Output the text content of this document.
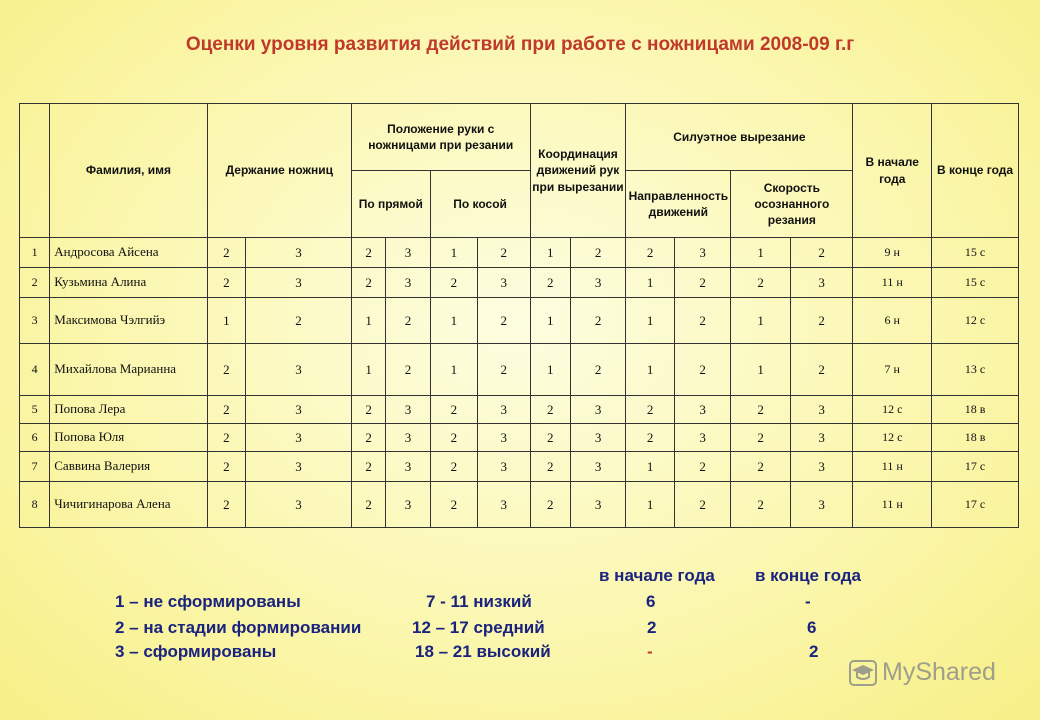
Оценки уровня развития действий при работе с ножницами 2008-09 г.г
	Фамилия, имя	Держание ножниц		Положение руки с ножницами при резании				Координация движений рук при вырезании		Силуэтное вырезание				В начале года	В конце года
				По прямой		По косой				Направленность движений		Скорость осознанного резания			
1	Андросова Айсена	2	3	2	3	1	2	1	2	2	3	1	2	9 н	15 с
2	Кузьмина Алина	2	3	2	3	2	3	2	3	1	2	2	3	11 н	15 с
3	Максимова Чэлгийэ	1	2	1	2	1	2	1	2	1	2	1	2	6 н	12 с
4	Михайлова Марианна	2	3	1	2	1	2	1	2	1	2	1	2	7 н	13 с
5	Попова Лера	2	3	2	3	2	3	2	3	2	3	2	3	12 с	18 в
6	Попова Юля	2	3	2	3	2	3	2	3	2	3	2	3	12 с	18 в
7	Саввина Валерия	2	3	2	3	2	3	2	3	1	2	2	3	11 н	17 с
8	Чичигинарова Алена	2	3	2	3	2	3	2	3	1	2	2	3	11 н	17 с
в начале года в конце года
1 – не сформированы	7 - 11 низкий	6	-
2 – на стадии формировании	12 – 17 средний	2	6
3 – сформированы	18 – 21 высокий	-	2
MyShared
